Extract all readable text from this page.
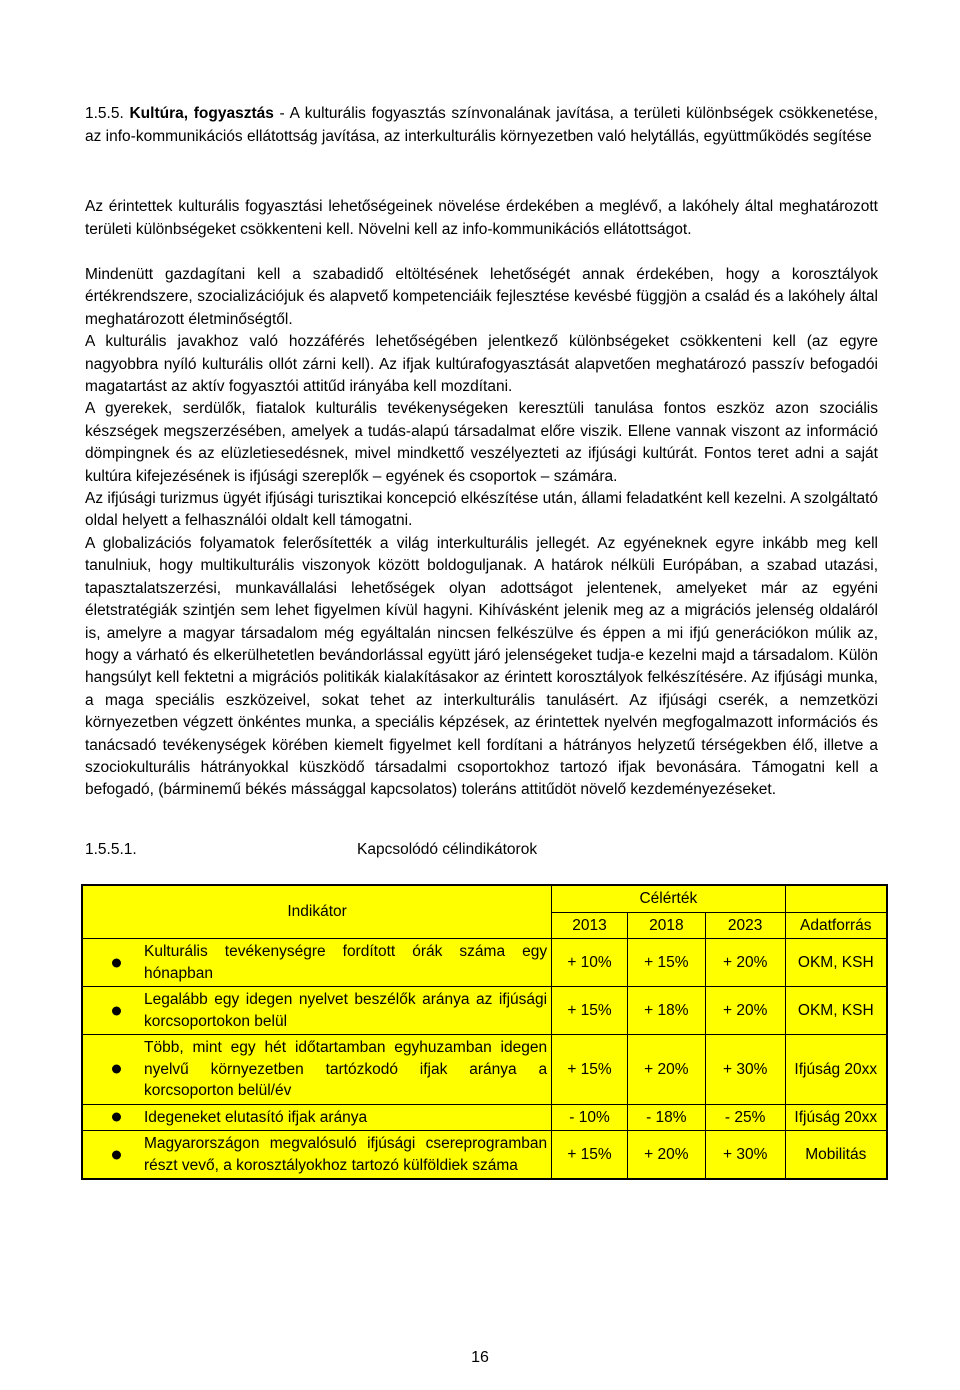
1.5.5. Kultúra, fogyasztás - A kulturális fogyasztás színvonalának javítása, a területi különbségek csökkenetése, az info-kommunikációs ellátottság javítása, az interkulturális környezetben való helytállás, együttműködés segítése

Az érintettek kulturális fogyasztási lehetőségeinek növelése érdekében a meglévő, a lakóhely által meghatározott területi különbségeket csökkenteni kell. Növelni kell az info-kommunikációs ellátottságot.

Mindenütt gazdagítani kell a szabadidő eltöltésének lehetőségét annak érdekében, hogy a korosztályok értékrendszere, szocializációjuk és alapvető kompetenciáik fejlesztése kevésbé függjön a család és a lakóhely által meghatározott életminőségtől.

A kulturális javakhoz való hozzáférés lehetőségében jelentkező különbségeket csökkenteni kell (az egyre nagyobbra nyíló kulturális ollót zárni kell). Az ifjak kultúrafogyasztását alapvetően meghatározó passzív befogadói magatartást az aktív fogyasztói attitűd irányába kell mozdítani.

A gyerekek, serdülők, fiatalok kulturális tevékenységeken keresztüli tanulása fontos eszköz azon szociális készségek megszerzésében, amelyek a tudás-alapú társadalmat előre viszik. Ellene vannak viszont az információ dömpingnek és az elüzletiesedésnek, mivel mindkettő veszélyezteti az ifjúsági kultúrát. Fontos teret adni a saját kultúra kifejezésének is ifjúsági szereplők – egyének és csoportok – számára.

Az ifjúsági turizmus ügyét ifjúsági turisztikai koncepció elkészítése után, állami feladatként kell kezelni. A szolgáltató oldal helyett a felhasználói oldalt kell támogatni.

A globalizációs folyamatok felerősítették a világ interkulturális jellegét. Az egyéneknek egyre inkább meg kell tanulniuk, hogy multikulturális viszonyok között boldoguljanak. A határok nélküli Európában, a szabad utazási, tapasztalatszerzési, munkavállalási lehetőségek olyan adottságot jelentenek, amelyeket már az egyéni életstratégiák szintjén sem lehet figyelmen kívül hagyni. Kihívásként jelenik meg az a migrációs jelenség oldaláról is, amelyre a magyar társadalom még egyáltalán nincsen felkészülve és éppen a mi ifjú generációkon múlik az, hogy a várható és elkerülhetetlen bevándorlással együtt járó jelenségeket tudja-e kezelni majd a társadalom. Külön hangsúlyt kell fektetni a migrációs politikák kialakításakor az érintett korosztályok felkészítésére. Az ifjúsági munka, a maga speciális eszközeivel, sokat tehet az interkulturális tanulásért. Az ifjúsági cserék, a nemzetközi környezetben végzett önkéntes munka, a speciális képzések, az érintettek nyelvén megfogalmazott információs és tanácsadó tevékenységek körében kiemelt figyelmet kell fordítani a hátrányos helyzetű térségekben élő, illetve a szociokulturális hátrányokkal küszködő társadalmi csoportokhoz tartozó ifjak bevonására. Támogatni kell a befogadó, (bárminemű békés mássággal kapcsolatos) toleráns attitűdöt növelő kezdeményezéseket.

1.5.5.1.	Kapcsolódó célindikátorok
Indikátor	Célérték			
	2013	2018	2023	Adatforrás

Kulturális tevékenységre fordított órák száma egy hónapban	+ 10%	+ 15%	+ 20%	OKM, KSH

Legalább egy idegen nyelvet beszélők aránya az ifjúsági korcsoportokon belül	+ 15%	+ 18%	+ 20%	OKM, KSH

Több, mint egy hét időtartamban egyhuzamban idegen nyelvű környezetben tartózkodó ifjak aránya a korcsoporton belül/év	+ 15%	+ 20%	+ 30%	Ifjúság 20xx

Idegeneket elutasító ifjak aránya	- 10%	- 18%	- 25%	Ifjúság 20xx

Magyarországon megvalósuló ifjúsági csereprogramban részt vevő, a korosztályokhoz tartozó külföldiek száma	+ 15%	+ 20%	+ 30%	Mobilitás
16
